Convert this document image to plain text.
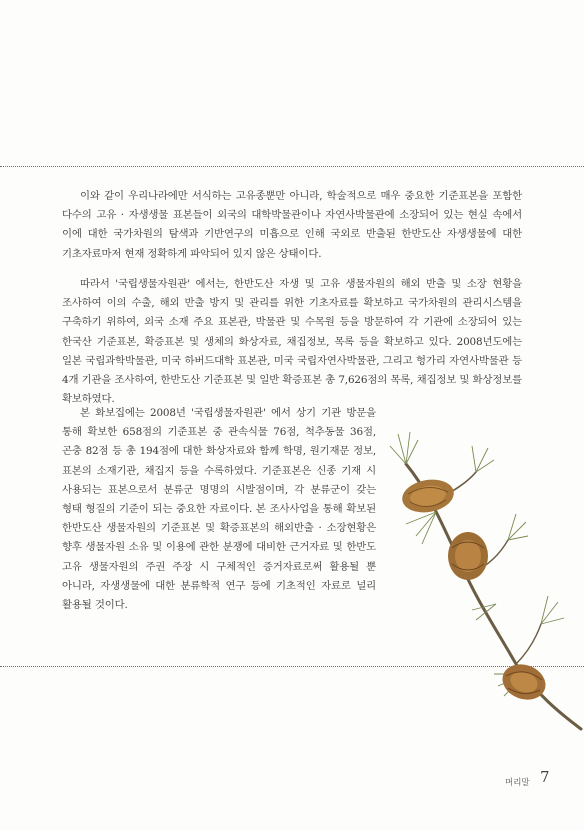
이와 같이 우리나라에만 서식하는 고유종뿐만 아니라, 학술적으로 매우 중요한 기준표본을 포함한 다수의 고유 · 자생생물 표본들이 외국의 대학박물관이나 자연사박물관에 소장되어 있는 현실 속에서 이에 대한 국가차원의 탐색과 기반연구의 미흡으로 인해 국외로 반출된 한반도산 자생생물에 대한 기초자료마저 현재 정확하게 파악되어 있지 않은 상태이다.

따라서 '국립생물자원관' 에서는, 한반도산 자생 및 고유 생물자원의 해외 반출 및 소장 현황을 조사하여 이의 수출, 해외 반출 방지 및 관리를 위한 기초자료를 확보하고 국가차원의 관리시스템을 구축하기 위하여, 외국 소재 주요 표본관, 박물관 및 수목원 등을 방문하여 각 기관에 소장되어 있는 한국산 기준표본, 확증표본 및 생체의 화상자료, 채집정보, 목록 등을 확보하고 있다. 2008년도에는 일본 국립과학박물관, 미국 하버드대학 표본관, 미국 국립자연사박물관, 그리고 헝가리 자연사박물관 등 4개 기관을 조사하여, 한반도산 기준표본 및 일반 확증표본 총 7,626점의 목록, 채집정보 및 화상정보를 확보하였다.

본 화보집에는 2008년 '국립생물자원관' 에서 상기 기관 방문을 통해 확보한 658점의 기준표본 중 관속식물 76점, 척추동물 36점, 곤충 82점 등 총 194점에 대한 화상자료와 함께 학명, 원기재문 정보, 표본의 소재기관, 채집지 등을 수록하였다. 기준표본은 신종 기재 시 사용되는 표본으로서 분류군 명명의 시발점이며, 각 분류군이 갖는 형태 형질의 기준이 되는 중요한 자료이다. 본 조사사업을 통해 확보된 한반도산 생물자원의 기준표본 및 확증표본의 해외반출 · 소장현황은 향후 생물자원 소유 및 이용에 관한 분쟁에 대비한 근거자료 및 한반도 고유 생물자원의 주권 주장 시 구체적인 증거자료로써 활용될 뿐 아니라, 자생생물에 대한 분류학적 연구 등에 기초적인 자료로 널리 활용될 것이다.

머리말 7
